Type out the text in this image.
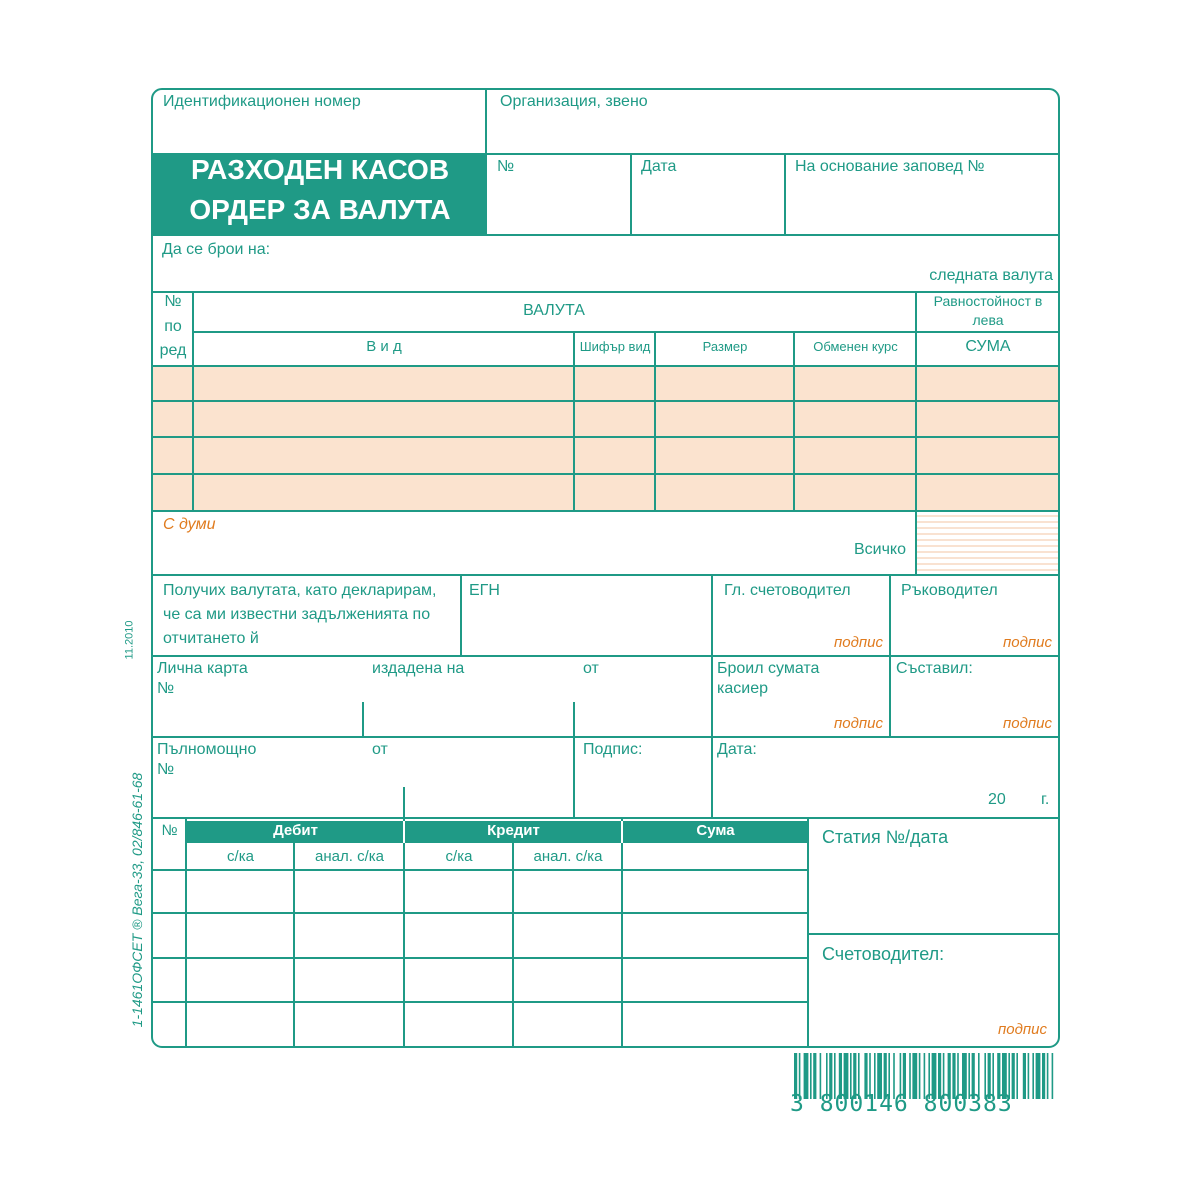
Идентификационен номер	Организация, звено
РАЗХОДЕН КАСОВ
ОРДЕР ЗА ВАЛУТА
№	Дата	На основание заповед №
Да се брои на:
следната валута
№
по
ред
ВАЛУТА
Равностойност в
лева
В и д	Шифър вид	Размер	Обменен курс	СУМА
С думи
Всичко
Получих валутата, като декларирам,
че са ми известни задълженията по
отчитането й
ЕГН	Гл. счетоводител	Ръководител
подпис	подпис
Лична карта
№
издадена на	от	Броил сумата
касиер
Съставил:
подпис	подпис
Пълномощно
№
от	Подпис:	Дата:
20 г.
№	Дебит	Кредит	Сума
с/ка	анал. с/ка	с/ка	анал. с/ка
Статия №/дата
Счетоводител:
подпис
11.2010
1-1461ОФСЕТ ® Вега-33, 02/846-61-68
3 800146 800383
